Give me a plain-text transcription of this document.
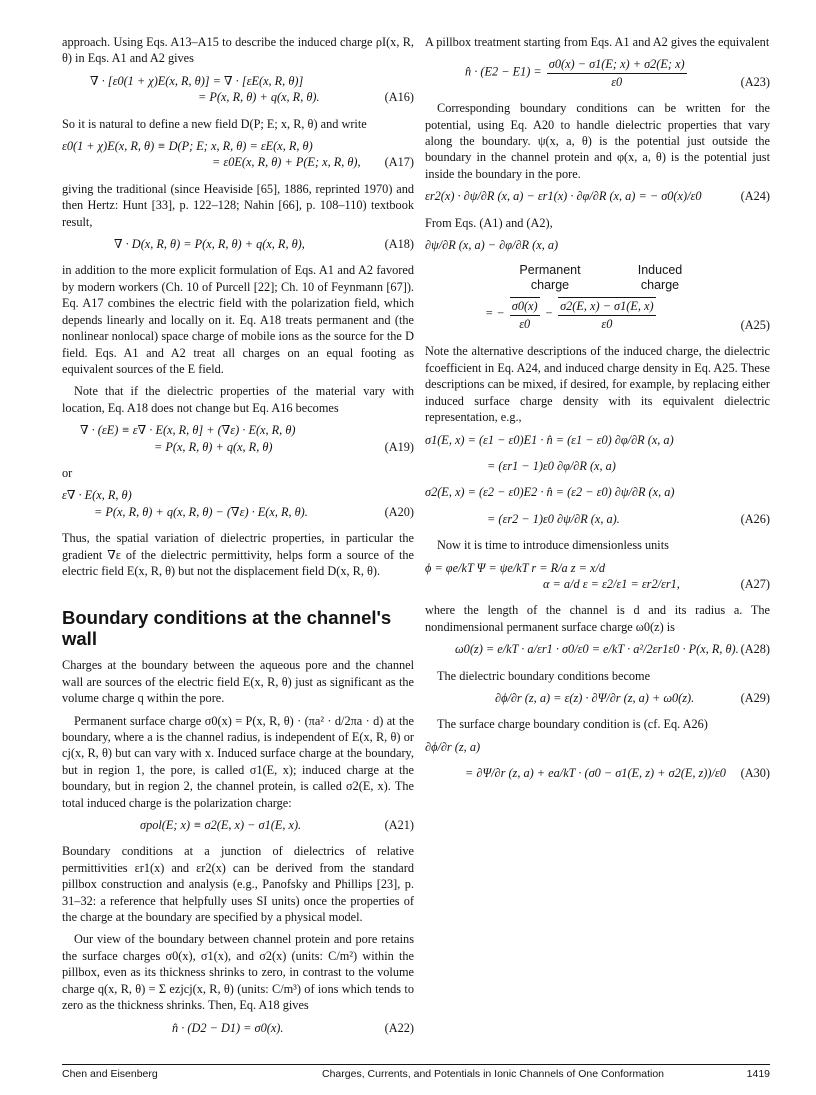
approach. Using Eqs. A13–A15 to describe the induced charge ρI(x, R, θ) in Eqs. A1 and A2 gives

∇ · [ε0(1 + χ)E(x, R, θ)] = ∇ · [εE(x, R, θ)]
= P(x, R, θ) + q(x, R, θ).	(A16)

So it is natural to define a new field D(P; E; x, R, θ) and write

ε0(1 + χ)E(x, R, θ) ≡ D(P; E; x, R, θ) = εE(x, R, θ)
= ε0E(x, R, θ) + P(E; x, R, θ),	(A17)

giving the traditional (since Heaviside [65], 1886, reprinted 1970) and then Hertz: Hunt [33], p. 122–128; Nahin [66], p. 108–110) textbook result,

∇ · D(x, R, θ) = P(x, R, θ) + q(x, R, θ),	(A18)

in addition to the more explicit formulation of Eqs. A1 and A2 favored by modern workers (Ch. 10 of Purcell [22]; Ch. 10 of Feynmann [67]). Eq. A17 combines the electric field with the polarization field, which depends linearly and locally on it. Eq. A18 treats permanent and (the nonlinear nonlocal) space charge of mobile ions as the source for the D field. Eqs. A1 and A2 treat all charges on an equal footing as equivalent sources of the E field.

Note that if the dielectric properties of the material vary with location, Eq. A18 does not change but Eq. A16 becomes

∇ · (εE) ≡ ε∇ · E(x, R, θ] + (∇ε) · E(x, R, θ)
= P(x, R, θ) + q(x, R, θ)	(A19)

or

ε∇ · E(x, R, θ)
= P(x, R, θ) + q(x, R, θ) − (∇ε) · E(x, R, θ).	(A20)

Thus, the spatial variation of dielectric properties, in particular the gradient ∇ε of the dielectric permittivity, helps form a source of the electric field E(x, R, θ) but not the displacement field D(x, R, θ).

Boundary conditions at the channel's wall

Charges at the boundary between the aqueous pore and the channel wall are sources of the electric field E(x, R, θ) just as significant as the volume charge q within the pore.

Permanent surface charge σ0(x) = P(x, R, θ) · (πa² · d/2πa · d) at the boundary, where a is the channel radius, is independent of E(x, R, θ) or cj(x, R, θ) but can vary with x. Induced surface charge at the boundary, but in region 1, the pore, is called σ1(E, x); induced charge at the boundary, but in region 2, the channel protein, is called σ2(E, x). The total induced charge is the polarization charge:

σpol(E; x) ≡ σ2(E, x) − σ1(E, x).	(A21)

Boundary conditions at a junction of dielectrics of relative permittivities εr1(x) and εr2(x) can be derived from the standard pillbox construction and analysis (e.g., Panofsky and Phillips [23], p. 31–32: a reference that helpfully uses SI units) once the properties of the charge at the boundary are specified by a physical model.

Our view of the boundary between channel protein and pore retains the surface charges σ0(x), σ1(x), and σ2(x) (units: C/m²) within the pillbox, even as its thickness shrinks to zero, in contrast to the volume charge q(x, R, θ) = Σ ezjcj(x, R, θ) (units: C/m³) of ions which tends to zero as the thickness shrinks. Then, Eq. A18 gives

n̂ · (D2 − D1) = σ0(x).	(A22)

A pillbox treatment starting from Eqs. A1 and A2 gives the equivalent

n̂ · $(E2 - E1) = \frac{\sigma 0(x) - \sigma 1(E; x) + \sigma 2(E; x)}{\varepsilon 0}$	(A23)

Corresponding boundary conditions can be written for the potential, using Eq. A20 to handle dielectric properties that vary along the boundary. ψ(x, a, θ) is the potential just outside the boundary in the channel protein and φ(x, a, θ) is the potential just inside the boundary in the pore.

εr2(x) · ∂ψ/∂R (x, a) − εr1(x) · ∂φ/∂R (x, a) = − σ0(x)/ε0	(A24)

From Eqs. (A1) and (A2),

∂ψ/∂R (x, a) − ∂φ/∂R (x, a)
Permanent charge
Induced charge
= − $\frac{\sigma 0(x)}{\varepsilon 0} - \frac{\sigma 2(E, x) - \sigma 1(E, x)}{\varepsilon 0}$	(A25)

Note the alternative descriptions of the induced charge, the dielectric fcoefficient in Eq. A24, and induced charge density in Eq. A25. These descriptions can be mixed, if desired, for example, by replacing either induced surface charge density with its equivalent dielectric representation, e.g.,

σ1(E, x) = (ε1 − ε0)E1 · n̂ = (ε1 − ε0) ∂φ/∂R (x, a)
= (εr1 − 1)ε0 ∂φ/∂R (x, a)
σ2(E, x) = (ε2 − ε0)E2 · n̂ = (ε2 − ε0) ∂ψ/∂R (x, a)
= (εr2 − 1)ε0 ∂ψ/∂R (x, a).	(A26)

Now it is time to introduce dimensionless units

ϕ = φe/kT Ψ = ψe/kT r = R/a z = x/d
α = a/d ε = ε2/ε1 = εr2/εr1,	(A27)

where the length of the channel is d and its radius a. The nondimensional permanent surface charge ω0(z) is

ω0(z) = e/kT · a/εr1 · σ0/ε0 = e/kT · a²/2εr1ε0 · P(x, R, θ). (A28)

The dielectric boundary conditions become

∂ϕ/∂r (z, a) = ε(z) · ∂Ψ/∂r (z, a) + ω0(z).	(A29)

The surface charge boundary condition is (cf. Eq. A26)

∂ϕ/∂r (z, a)
= ∂Ψ/∂r (z, a) + ea/kT · (σ0 − σ1(E, z) + σ2(E, z))/ε0	(A30)
Chen and Eisenberg	Charges, Currents, and Potentials in Ionic Channels of One Conformation	1419
